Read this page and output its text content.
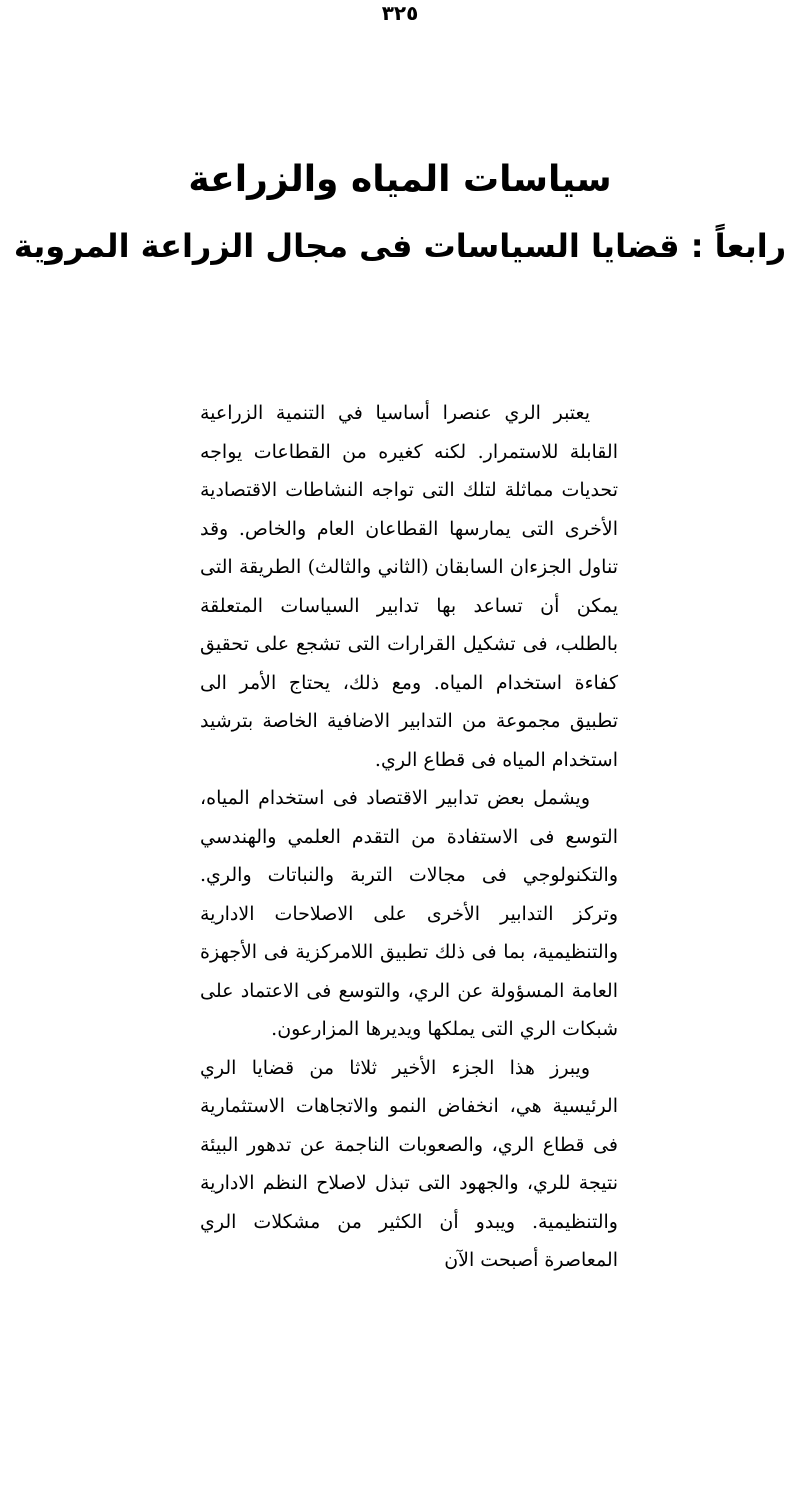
٣٢٥
سياسات المياه والزراعة
رابعاً : قضايا السياسات فى مجال الزراعة المروية

يعتبر الري عنصرا أساسيا في التنمية الزراعية القابلة للاستمرار. لكنه كغيره من القطاعات يواجه تحديات مماثلة لتلك التى تواجه النشاطات الاقتصادية الأخرى التى يمارسها القطاعان العام والخاص. وقد تناول الجزءان السابقان (الثاني والثالث) الطريقة التى يمكن أن تساعد بها تدابير السياسات المتعلقة بالطلب، فى تشكيل القرارات التى تشجع على تحقيق كفاءة استخدام المياه. ومع ذلك، يحتاج الأمر الى تطبيق مجموعة من التدابير الاضافية الخاصة بترشيد استخدام المياه فى قطاع الري.

ويشمل بعض تدابير الاقتصاد فى استخدام المياه، التوسع فى الاستفادة من التقدم العلمي والهندسي والتكنولوجي فى مجالات التربة والنباتات والري. وتركز التدابير الأخرى على الاصلاحات الادارية والتنظيمية، بما فى ذلك تطبيق اللامركزية فى الأجهزة العامة المسؤولة عن الري، والتوسع فى الاعتماد على شبكات الري التى يملكها ويديرها المزارعون.

ويبرز هذا الجزء الأخير ثلاثا من قضايا الري الرئيسية هي، انخفاض النمو والاتجاهات الاستثمارية فى قطاع الري، والصعوبات الناجمة عن تدهور البيئة نتيجة للري، والجهود التى تبذل لاصلاح النظم الادارية والتنظيمية. ويبدو أن الكثير من مشكلات الري المعاصرة أصبحت الآن
